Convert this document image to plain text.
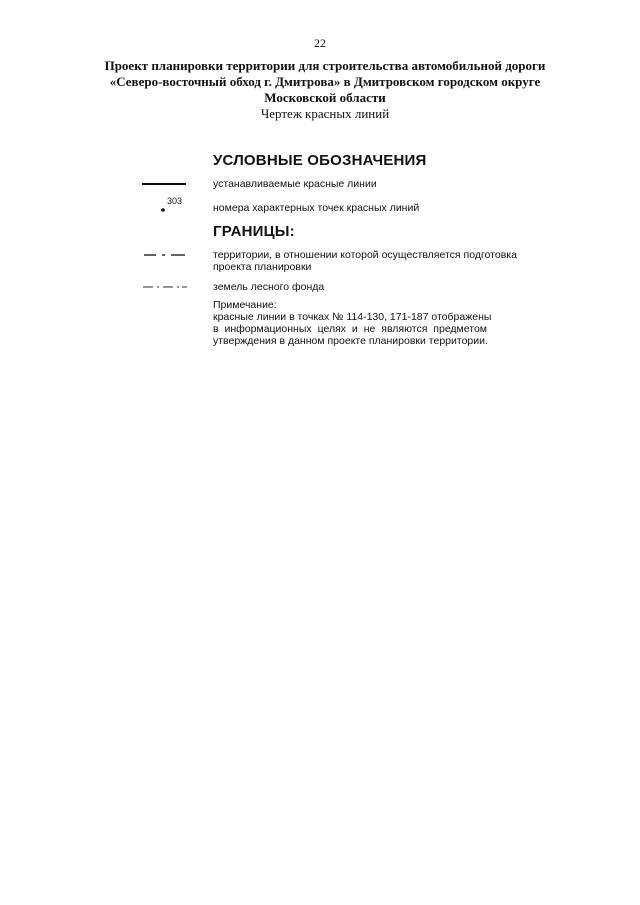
22
Проект планировки территории для строительства автомобильной дороги
«Северо-восточный обход г. Дмитрова» в Дмитровском городском округе
Московской области
Чертеж красных линий
УСЛОВНЫЕ ОБОЗНАЧЕНИЯ
устанавливаемые красные линии
303
номера характерных точек красных линий
ГРАНИЦЫ:
территории, в отношении которой осуществляется подготовка
проекта планировки
земель лесного фонда
Примечание:
красные линии в точках № 114-130, 171-187 отображены
в информационных целях и не являются предметом
утверждения в данном проекте планировки территории.
